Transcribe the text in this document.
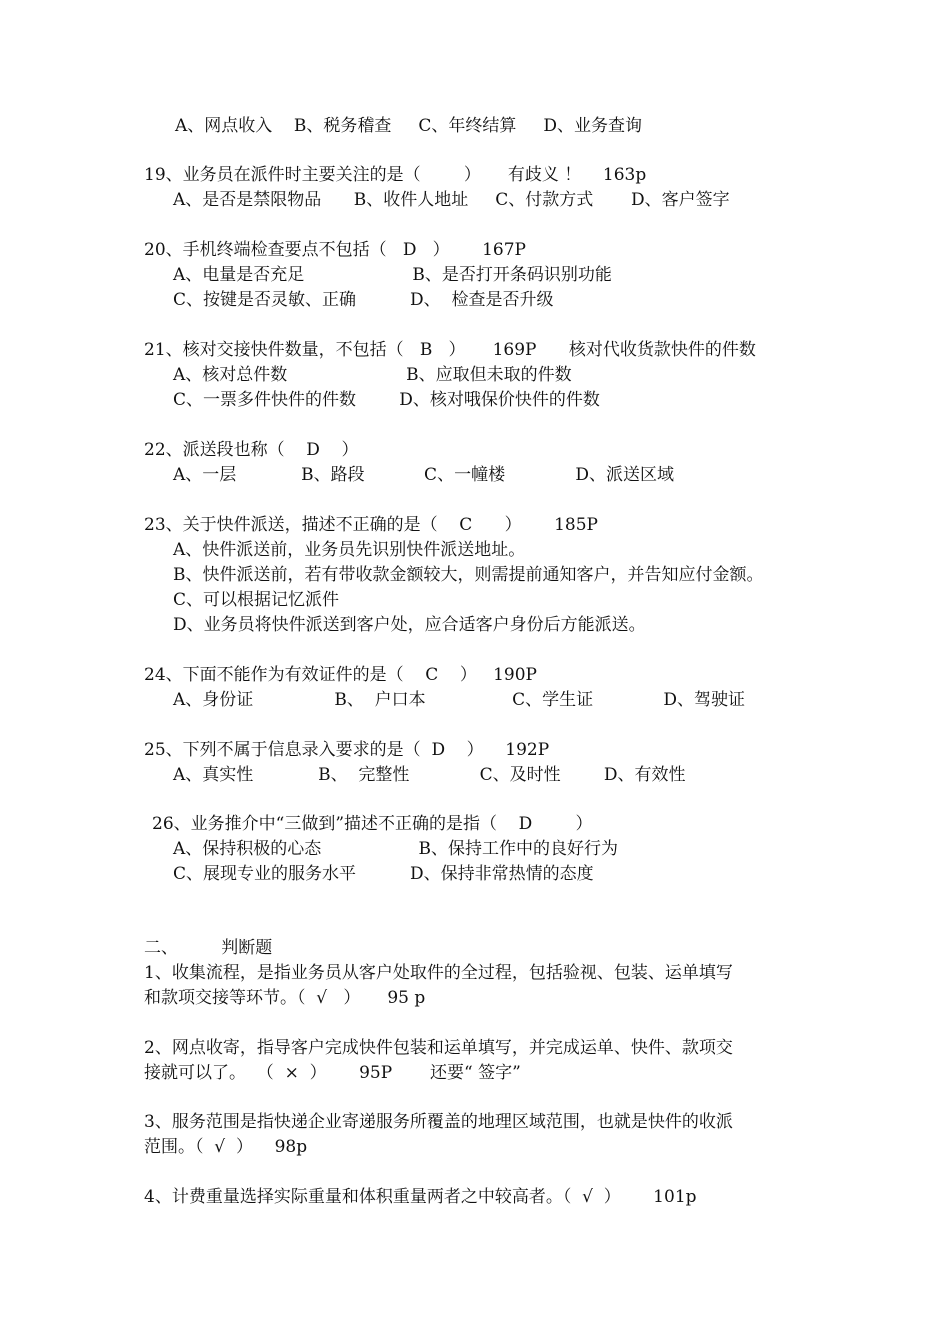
A、网点收入    B、税务稽查     C、年终结算     D、业务查询
19、业务员在派件时主要关注的是（        ）     有歧义 ！    163p
A、是否是禁限物品      B、收件人地址     C、付款方式       D、客户签字
20、手机终端检查要点不包括（   D   ）      167P
A、电量是否充足                    B、是否打开条码识别功能
C、按键是否灵敏、正确          D、  检查是否升级
21、核对交接快件数量，不包括（   B   ）     169P      核对代收货款快件的件数
A、核对总件数                      B、应取但未取的件数
C、一票多件快件的件数        D、核对哦保价快件的件数
22、派送段也称（    D    ）
A、一层            B、路段           C、一幢楼             D、派送区域
23、关于快件派送，描述不正确的是（    C      ）      185P
A、快件派送前，业务员先识别快件派送地址。
B、快件派送前，若有带收款金额较大，则需提前通知客户，并告知应付金额。
C、可以根据记忆派件
D、业务员将快件派送到客户处，应合适客户身份后方能派送。
24、下面不能作为有效证件的是（    C    ）   190P
A、身份证               B、  户口本                C、学生证             D、驾驶证
25、下列不属于信息录入要求的是（  D    ）    192P
A、真实性            B、  完整性             C、及时性        D、有效性
26、业务推介中“三做到”描述不正确的是指（    D        ）
A、保持积极的心态                  B、保持工作中的良好行为
C、展现专业的服务水平          D、保持非常热情的态度
二、        判断题
1、收集流程，是指业务员从客户处取件的全过程，包括验视、包装、运单填写
和款项交接等环节。（  √   ）     95 p
2、网点收寄，指导客户完成快件包装和运单填写，并完成运单、快件、款项交
接就可以了。  （  ×  ）      95P       还要“ 签字”
3、服务范围是指快递企业寄递服务所覆盖的地理区域范围，也就是快件的收派
范围。（  √  ）    98p
4、计费重量选择实际重量和体积重量两者之中较高者。（  √  ）      101p
